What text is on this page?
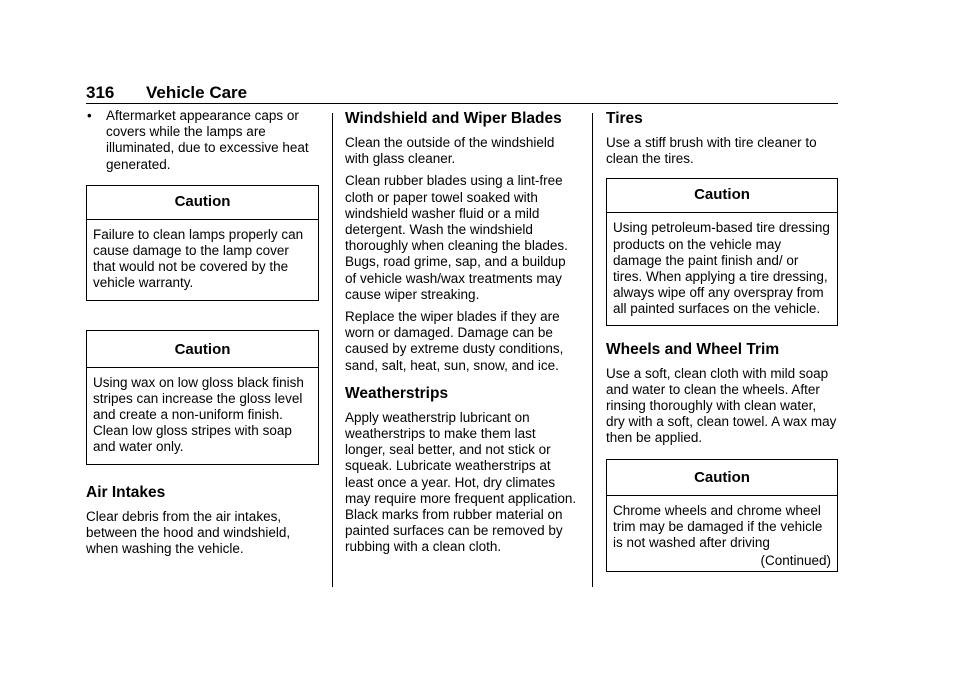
316 Vehicle Care
• Aftermarket appearance caps or covers while the lamps are illuminated, due to excessive heat generated.
Caution
Failure to clean lamps properly can cause damage to the lamp cover that would not be covered by the vehicle warranty.
Caution
Using wax on low gloss black finish stripes can increase the gloss level and create a non-uniform finish. Clean low gloss stripes with soap and water only.
Air Intakes

Clear debris from the air intakes, between the hood and windshield, when washing the vehicle.

Windshield and Wiper Blades

Clean the outside of the windshield with glass cleaner.

Clean rubber blades using a lint-free cloth or paper towel soaked with windshield washer fluid or a mild detergent. Wash the windshield thoroughly when cleaning the blades. Bugs, road grime, sap, and a buildup of vehicle wash/wax treatments may cause wiper streaking.

Replace the wiper blades if they are worn or damaged. Damage can be caused by extreme dusty conditions, sand, salt, heat, sun, snow, and ice.

Weatherstrips

Apply weatherstrip lubricant on weatherstrips to make them last longer, seal better, and not stick or squeak. Lubricate weatherstrips at least once a year. Hot, dry climates may require more frequent application. Black marks from rubber material on painted surfaces can be removed by rubbing with a clean cloth.

Tires

Use a stiff brush with tire cleaner to clean the tires.

Caution
Using petroleum-based tire dressing products on the vehicle may damage the paint finish and/ or tires. When applying a tire dressing, always wipe off any overspray from all painted surfaces on the vehicle.
Wheels and Wheel Trim

Use a soft, clean cloth with mild soap and water to clean the wheels. After rinsing thoroughly with clean water, dry with a soft, clean towel. A wax may then be applied.

Caution
Chrome wheels and chrome wheel trim may be damaged if the vehicle is not washed after driving
(Continued)
